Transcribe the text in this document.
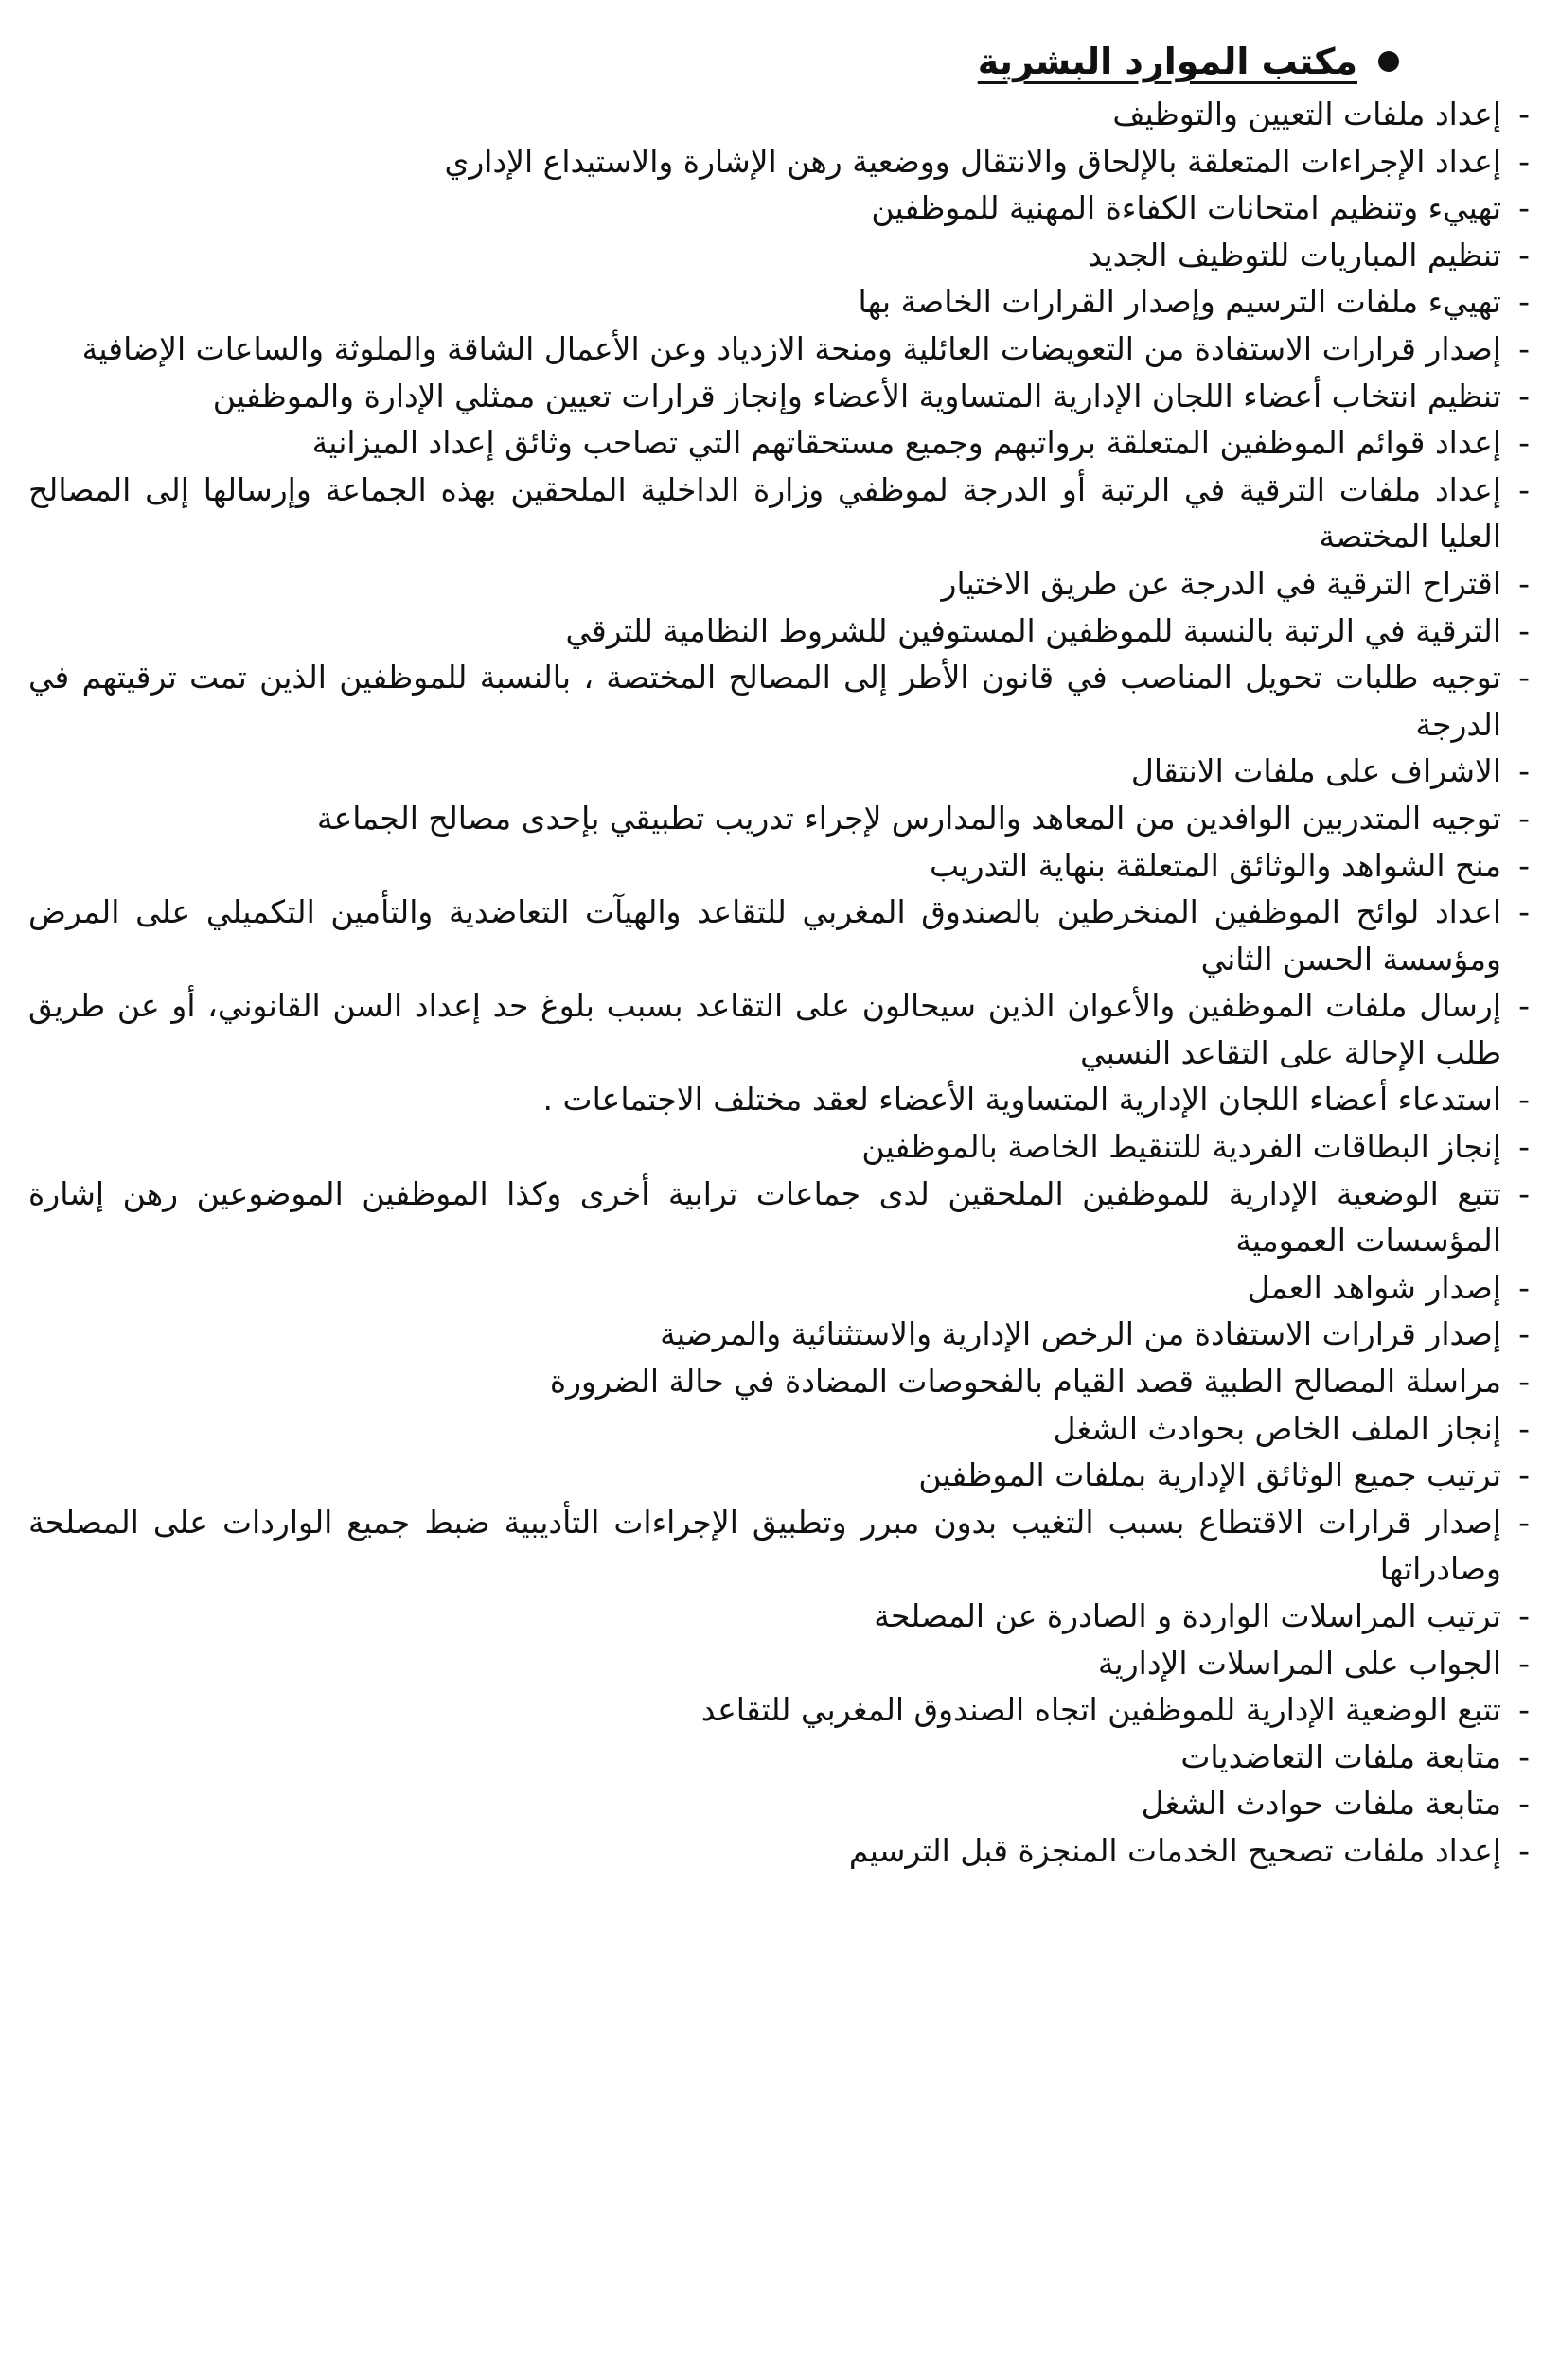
مكتب الموارد البشرية
-
إعداد ملفات التعيين والتوظيف
-
إعداد الإجراءات المتعلقة بالإلحاق والانتقال ووضعية رهن الإشارة والاستيداع الإداري
-
تهييء وتنظيم امتحانات الكفاءة المهنية للموظفين
-
تنظيم المباريات للتوظيف الجديد
-
تهييء ملفات الترسيم وإصدار القرارات الخاصة بها
-
إصدار قرارات الاستفادة من التعويضات العائلية ومنحة الازدياد وعن الأعمال الشاقة والملوثة والساعات الإضافية
-
تنظيم انتخاب أعضاء اللجان الإدارية المتساوية الأعضاء وإنجاز قرارات تعيين ممثلي الإدارة والموظفين
-
إعداد قوائم الموظفين المتعلقة برواتبهم وجميع مستحقاتهم التي تصاحب وثائق إعداد الميزانية
-
إعداد ملفات الترقية في الرتبة أو الدرجة لموظفي وزارة الداخلية الملحقين بهذه الجماعة وإرسالها إلى المصالح العليا المختصة
-
اقتراح الترقية في الدرجة عن طريق الاختيار
-
الترقية في الرتبة بالنسبة للموظفين المستوفين للشروط النظامية للترقي
-
توجيه طلبات تحويل المناصب في قانون الأطر إلى المصالح المختصة ، بالنسبة للموظفين الذين تمت ترقيتهم في الدرجة
-
الاشراف على ملفات الانتقال
-
توجيه المتدربين الوافدين من المعاهد والمدارس لإجراء تدريب تطبيقي بإحدى مصالح الجماعة
-
منح الشواهد والوثائق المتعلقة بنهاية التدريب
-
اعداد لوائح الموظفين المنخرطين بالصندوق المغربي للتقاعد والهيآت التعاضدية والتأمين التكميلي على المرض ومؤسسة الحسن الثاني
-
إرسال ملفات الموظفين والأعوان الذين سيحالون على التقاعد بسبب بلوغ حد إعداد السن القانوني، أو عن طريق طلب الإحالة على التقاعد النسبي
-
استدعاء أعضاء اللجان الإدارية المتساوية الأعضاء لعقد مختلف الاجتماعات .
-
إنجاز البطاقات الفردية للتنقيط الخاصة بالموظفين
-
تتبع الوضعية الإدارية للموظفين الملحقين لدى جماعات ترابية أخرى وكذا الموظفين الموضوعين رهن إشارة المؤسسات العمومية
-
إصدار شواهد العمل
-
إصدار قرارات الاستفادة من الرخص الإدارية والاستثنائية والمرضية
-
مراسلة المصالح الطبية قصد القيام بالفحوصات المضادة في حالة الضرورة
-
إنجاز الملف الخاص بحوادث الشغل
-
ترتيب جميع الوثائق الإدارية بملفات الموظفين
-
إصدار قرارات الاقتطاع بسبب التغيب بدون مبرر وتطبيق الإجراءات التأديبية ضبط جميع الواردات على المصلحة وصادراتها
-
ترتيب المراسلات الواردة و الصادرة عن المصلحة
-
الجواب على المراسلات الإدارية
-
تتبع الوضعية الإدارية للموظفين اتجاه الصندوق المغربي للتقاعد
-
متابعة ملفات التعاضديات
-
متابعة ملفات حوادث الشغل
-
إعداد ملفات تصحيح الخدمات المنجزة قبل الترسيم
